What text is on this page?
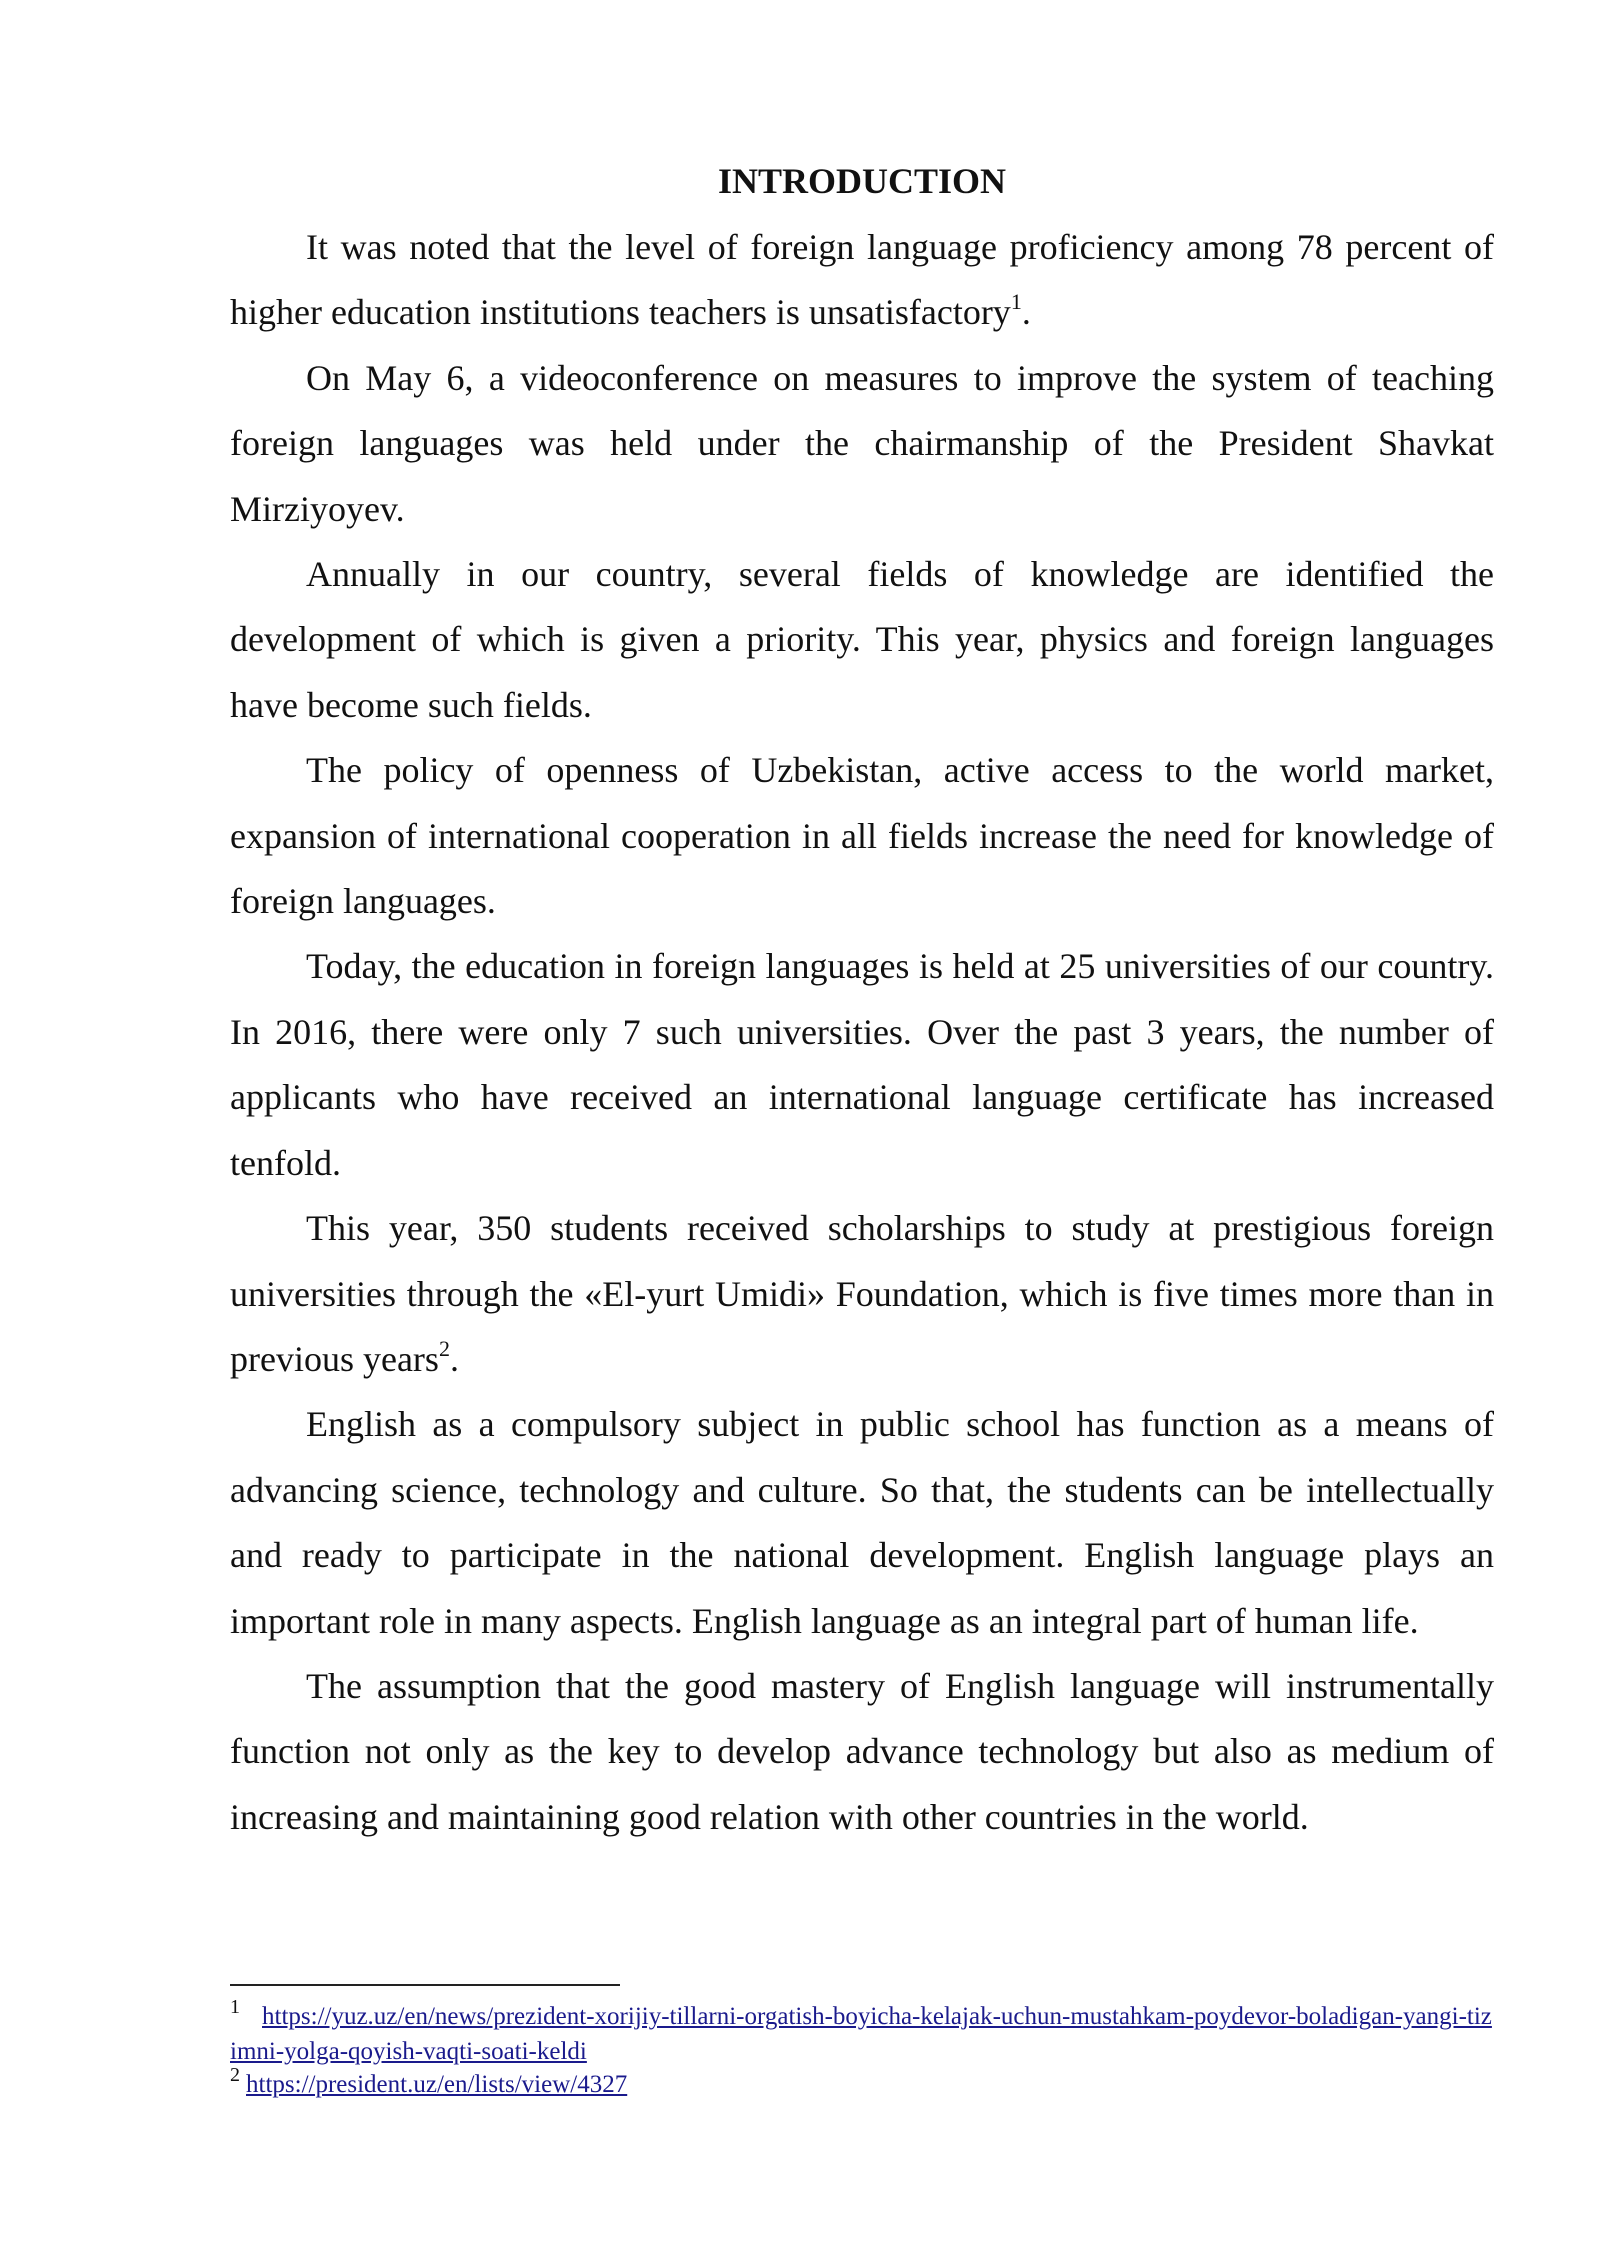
INTRODUCTION

It was noted that the level of foreign language proficiency among 78 percent of higher education institutions teachers is unsatisfactory$^1$.

On May 6, a videoconference on measures to improve the system of teaching foreign languages was held under the chairmanship of the President Shavkat Mirziyoyev.

Annually in our country, several fields of knowledge are identified the development of which is given a priority. This year, physics and foreign languages have become such fields.

The policy of openness of Uzbekistan, active access to the world market, expansion of international cooperation in all fields increase the need for knowledge of foreign languages.

Today, the education in foreign languages is held at 25 universities of our country. In 2016, there were only 7 such universities. Over the past 3 years, the number of applicants who have received an international language certificate has increased tenfold.

This year, 350 students received scholarships to study at prestigious foreign universities through the «El-yurt Umidi» Foundation, which is five times more than in previous years$^2$.

English as a compulsory subject in public school has function as a means of advancing science, technology and culture. So that, the students can be intellectually and ready to participate in the national development. English language plays an important role in many aspects. English language as an integral part of human life.

The assumption that the good mastery of English language will instrumentally function not only as the key to develop advance technology but also as medium of increasing and maintaining good relation with other countries in the world.

$^1$ https://yuz.uz/en/news/prezident-xorijiy-tillarni-orgatish-boyicha-kelajak-uchun-mustahkam-poydevor-boladigan-yangi-tizimni-yolga-qoyish-vaqti-soati-keldi

$^2$ https://president.uz/en/lists/view/4327
